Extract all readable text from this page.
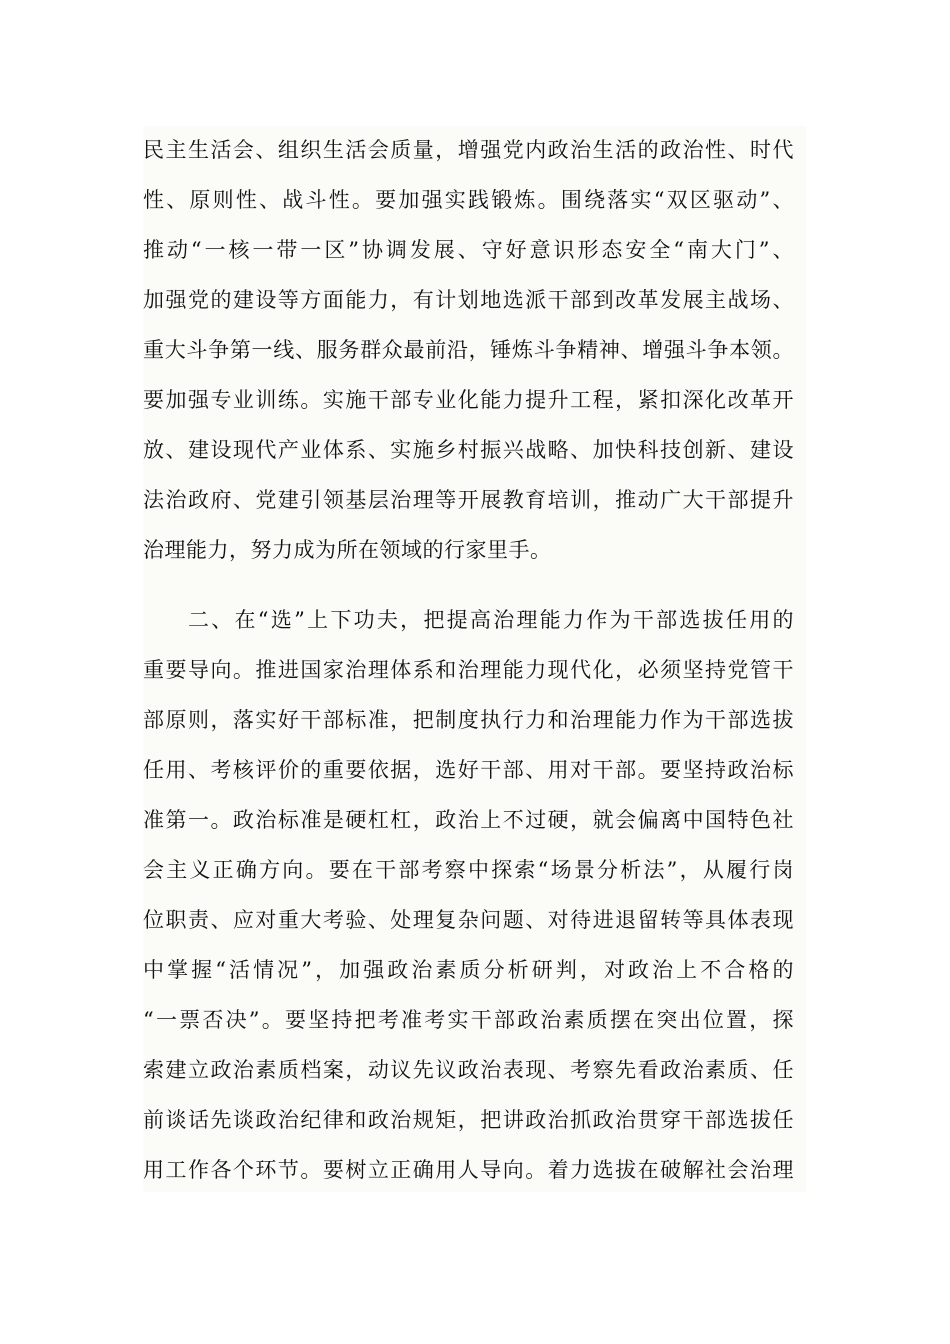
民主生活会、组织生活会质量，增强党内政治生活的政治性、时代
性、原则性、战斗性。要加强实践锻炼。围绕落实“双区驱动”、
推动“一核一带一区”协调发展、守好意识形态安全“南大门”、
加强党的建设等方面能力，有计划地选派干部到改革发展主战场、
重大斗争第一线、服务群众最前沿，锤炼斗争精神、增强斗争本领。
要加强专业训练。实施干部专业化能力提升工程，紧扣深化改革开
放、建设现代产业体系、实施乡村振兴战略、加快科技创新、建设
法治政府、党建引领基层治理等开展教育培训，推动广大干部提升
治理能力，努力成为所在领域的行家里手。
二、在“选”上下功夫，把提高治理能力作为干部选拔任用的
重要导向。推进国家治理体系和治理能力现代化，必须坚持党管干
部原则，落实好干部标准，把制度执行力和治理能力作为干部选拔
任用、考核评价的重要依据，选好干部、用对干部。要坚持政治标
准第一。政治标准是硬杠杠，政治上不过硬，就会偏离中国特色社
会主义正确方向。要在干部考察中探索“场景分析法”，从履行岗
位职责、应对重大考验、处理复杂问题、对待进退留转等具体表现
中掌握“活情况”，加强政治素质分析研判，对政治上不合格的
“一票否决”。要坚持把考准考实干部政治素质摆在突出位置，探
索建立政治素质档案，动议先议政治表现、考察先看政治素质、任
前谈话先谈政治纪律和政治规矩，把讲政治抓政治贯穿干部选拔任
用工作各个环节。要树立正确用人导向。着力选拔在破解社会治理
